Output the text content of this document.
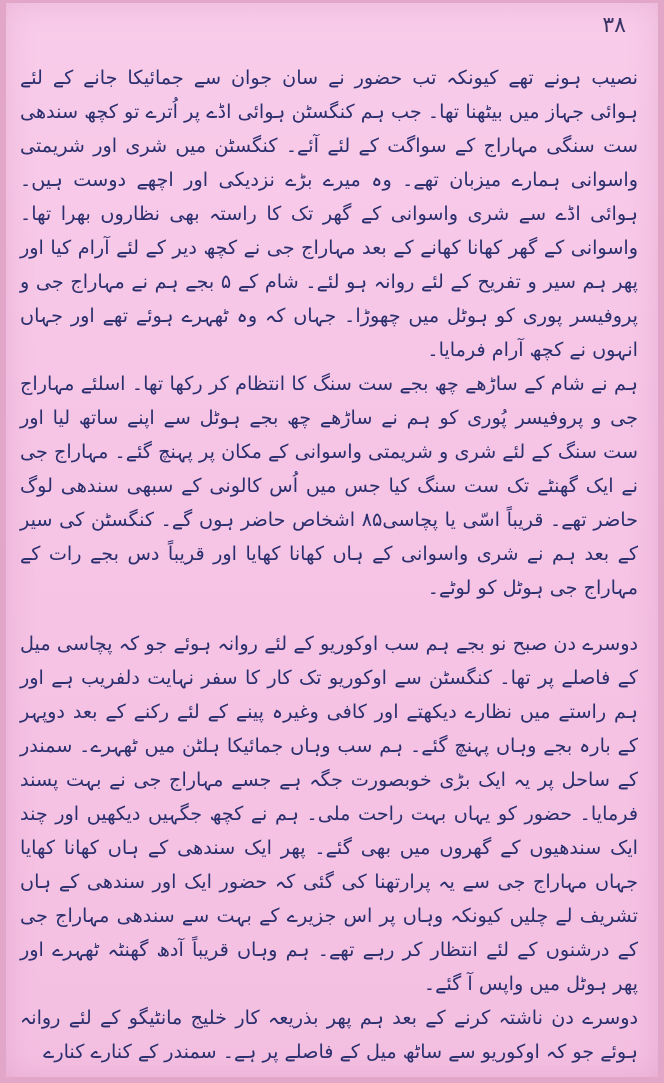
۳۸

نصیب ہونے تھے کیونکہ تب حضور نے سان جوان سے جمائیکا جانے کے لئے ہوائی جہاز میں بیٹھنا تھا۔ جب ہم کنگسٹن ہوائی اڈے پر اُترے تو کچھ سندھی ست سنگی مہاراج کے سواگت کے لئے آئے۔ کنگسٹن میں شری اور شریمتی واسوانی ہمارے میزبان تھے۔ وہ میرے بڑے نزدیکی اور اچھے دوست ہیں۔ ہوائی اڈے سے شری واسوانی کے گھر تک کا راستہ بھی نظاروں بھرا تھا۔ واسوانی کے گھر کھانا کھانے کے بعد مہاراج جی نے کچھ دیر کے لئے آرام کیا اور پھر ہم سیر و تفریح کے لئے روانہ ہو لئے۔ شام کے ۵ بجے ہم نے مہاراج جی و پروفیسر پوری کو ہوٹل میں چھوڑا۔ جہاں کہ وہ ٹھہرے ہوئے تھے اور جہاں انہوں نے کچھ آرام فرمایا۔

ہم نے شام کے ساڑھے چھ بجے ست سنگ کا انتظام کر رکھا تھا۔ اسلئے مہاراج جی و پروفیسر پُوری کو ہم نے ساڑھے چھ بجے ہوٹل سے اپنے ساتھ لیا اور ست سنگ کے لئے شری و شریمتی واسوانی کے مکان پر پہنچ گئے۔ مہاراج جی نے ایک گھنٹے تک ست سنگ کیا جس میں اُس کالونی کے سبھی سندھی لوگ حاضر تھے۔ قریباً اسّی یا پچاسی۸۵ اشخاص حاضر ہوں گے۔ کنگسٹن کی سیر کے بعد ہم نے شری واسوانی کے ہاں کھانا کھایا اور قریباً دس بجے رات کے مہاراج جی ہوٹل کو لوٹے۔

دوسرے دن صبح نو بجے ہم سب اوکوریو کے لئے روانہ ہوئے جو کہ پچاسی میل کے فاصلے پر تھا۔ کنگسٹن سے اوکوریو تک کار کا سفر نہایت دلفریب ہے اور ہم راستے میں نظارے دیکھتے اور کافی وغیرہ پینے کے لئے رکنے کے بعد دوپہر کے بارہ بجے وہاں پہنچ گئے۔ ہم سب وہاں جمائیکا ہلٹن میں ٹھہرے۔ سمندر کے ساحل پر یہ ایک بڑی خوبصورت جگہ ہے جسے مہاراج جی نے بہت پسند فرمایا۔ حضور کو یہاں بہت راحت ملی۔ ہم نے کچھ جگہیں دیکھیں اور چند ایک سندھیوں کے گھروں میں بھی گئے۔ پھر ایک سندھی کے ہاں کھانا کھایا جہاں مہاراج جی سے یہ پرارتھنا کی گئی کہ حضور ایک اور سندھی کے ہاں تشریف لے چلیں کیونکہ وہاں پر اس جزیرے کے بہت سے سندھی مہاراج جی کے درشنوں کے لئے انتظار کر رہے تھے۔ ہم وہاں قریباً آدھ گھنٹہ ٹھہرے اور پھر ہوٹل میں واپس آ گئے۔

دوسرے دن ناشتہ کرنے کے بعد ہم پھر بذریعہ کار خلیج مانٹیگو کے لئے روانہ ہوئے جو کہ اوکوریو سے ساٹھ میل کے فاصلے پر ہے۔ سمندر کے کنارے کنارے
